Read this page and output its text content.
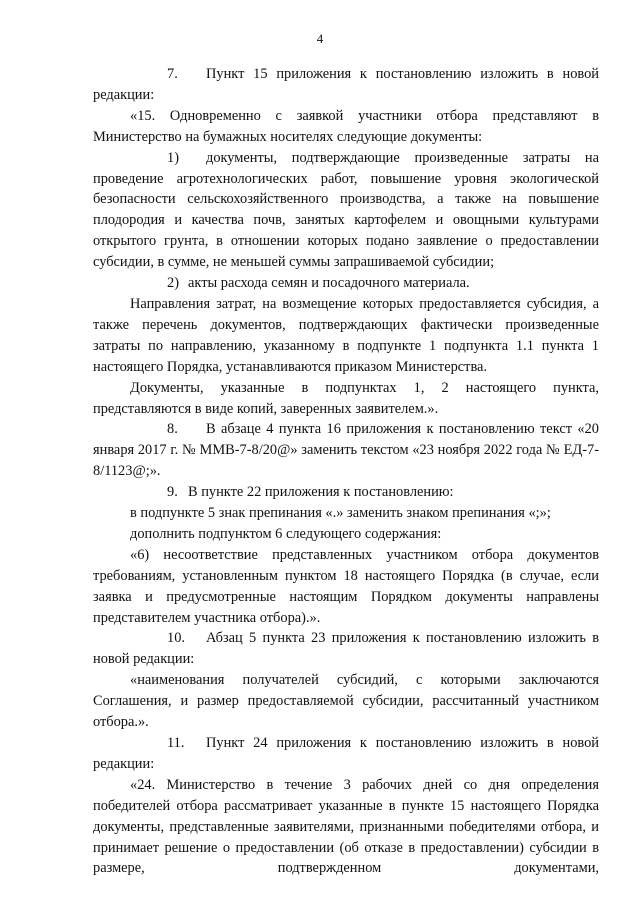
4

7. Пункт 15 приложения к постановлению изложить в новой редакции:

«15. Одновременно с заявкой участники отбора представляют в Министерство на бумажных носителях следующие документы:

1) документы, подтверждающие произведенные затраты на проведение агротехнологических работ, повышение уровня экологической безопасности сельскохозяйственного производства, а также на повышение плодородия и качества почв, занятых картофелем и овощными культурами открытого грунта, в отношении которых подано заявление о предоставлении субсидии, в сумме, не меньшей суммы запрашиваемой субсидии;

2) акты расхода семян и посадочного материала.

Направления затрат, на возмещение которых предоставляется субсидия, а также перечень документов, подтверждающих фактически произведенные затраты по направлению, указанному в подпункте 1 подпункта 1.1 пункта 1 настоящего Порядка, устанавливаются приказом Министерства.

Документы, указанные в подпунктах 1, 2 настоящего пункта, представляются в виде копий, заверенных заявителем.».

8. В абзаце 4 пункта 16 приложения к постановлению текст «20 января 2017 г. № ММВ-7-8/20@» заменить текстом «23 ноября 2022 года № ЕД-7-8/1123@;».

9. В пункте 22 приложения к постановлению:

в подпункте 5 знак препинания «.» заменить знаком препинания «;»;

дополнить подпунктом 6 следующего содержания:

«6) несоответствие представленных участником отбора документов требованиям, установленным пунктом 18 настоящего Порядка (в случае, если заявка и предусмотренные настоящим Порядком документы направлены представителем участника отбора).».

10. Абзац 5 пункта 23 приложения к постановлению изложить в новой редакции:

«наименования получателей субсидий, с которыми заключаются Соглашения, и размер предоставляемой субсидии, рассчитанный участником отбора.».

11. Пункт 24 приложения к постановлению изложить в новой редакции:

«24. Министерство в течение 3 рабочих дней со дня определения победителей отбора рассматривает указанные в пункте 15 настоящего Порядка документы, представленные заявителями, признанными победителями отбора, и принимает решение о предоставлении (об отказе в предоставлении) субсидии в размере, подтвержденном документами,
